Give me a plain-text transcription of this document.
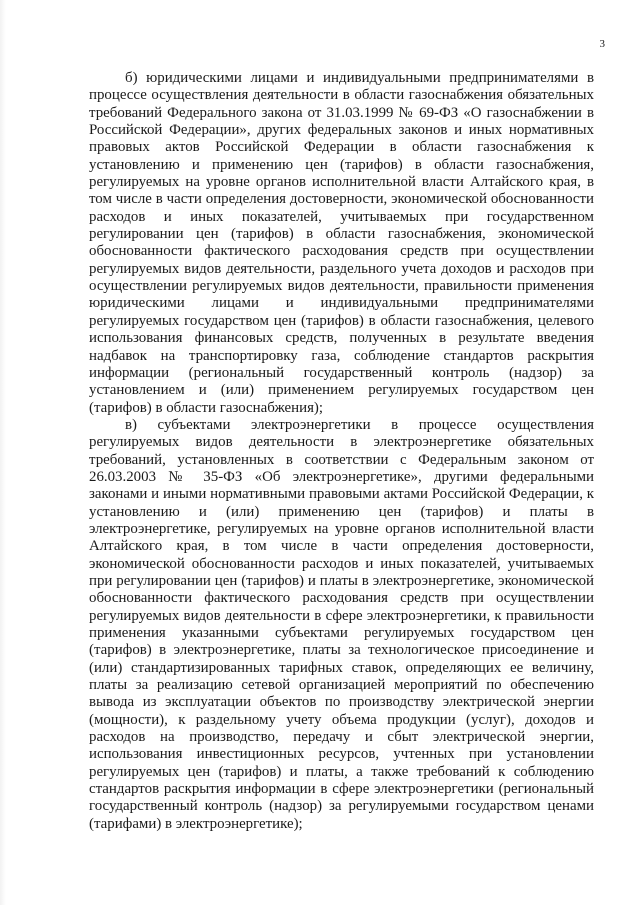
3

б) юридическими лицами и индивидуальными предпринимателями в процессе осуществления деятельности в области газоснабжения обязательных требований Федерального закона от 31.03.1999 № 69-ФЗ «О газоснабжении в Российской Федерации», других федеральных законов и иных нормативных правовых актов Российской Федерации в области газоснабжения к установлению и применению цен (тарифов) в области газоснабжения, регулируемых на уровне органов исполнительной власти Алтайского края, в том числе в части определения достоверности, экономической обоснованности расходов и иных показателей, учитываемых при государственном регулировании цен (тарифов) в области газоснабжения, экономической обоснованности фактического расходования средств при осуществлении регулируемых видов деятельности, раздельного учета доходов и расходов при осуществлении регулируемых видов деятельности, правильности применения юридическими лицами и индивидуальными предпринимателями регулируемых государством цен (тарифов) в области газоснабжения, целевого использования финансовых средств, полученных в результате введения надбавок на транспортировку газа, соблюдение стандартов раскрытия информации (региональный государственный контроль (надзор) за установлением и (или) применением регулируемых государством цен (тарифов) в области газоснабжения);

в) субъектами электроэнергетики в процессе осуществления регулируемых видов деятельности в электроэнергетике обязательных требований, установленных в соответствии с Федеральным законом от 26.03.2003 № 35-ФЗ «Об электроэнергетике», другими федеральными законами и иными нормативными правовыми актами Российской Федерации, к установлению и (или) применению цен (тарифов) и платы в электроэнергетике, регулируемых на уровне органов исполнительной власти Алтайского края, в том числе в части определения достоверности, экономической обоснованности расходов и иных показателей, учитываемых при регулировании цен (тарифов) и платы в электроэнергетике, экономической обоснованности фактического расходования средств при осуществлении регулируемых видов деятельности в сфере электроэнергетики, к правильности применения указанными субъектами регулируемых государством цен (тарифов) в электроэнергетике, платы за технологическое присоединение и (или) стандартизированных тарифных ставок, определяющих ее величину, платы за реализацию сетевой организацией мероприятий по обеспечению вывода из эксплуатации объектов по производству электрической энергии (мощности), к раздельному учету объема продукции (услуг), доходов и расходов на производство, передачу и сбыт электрической энергии, использования инвестиционных ресурсов, учтенных при установлении регулируемых цен (тарифов) и платы, а также требований к соблюдению стандартов раскрытия информации в сфере электроэнергетики (региональный государственный контроль (надзор) за регулируемыми государством ценами (тарифами) в электроэнергетике);
